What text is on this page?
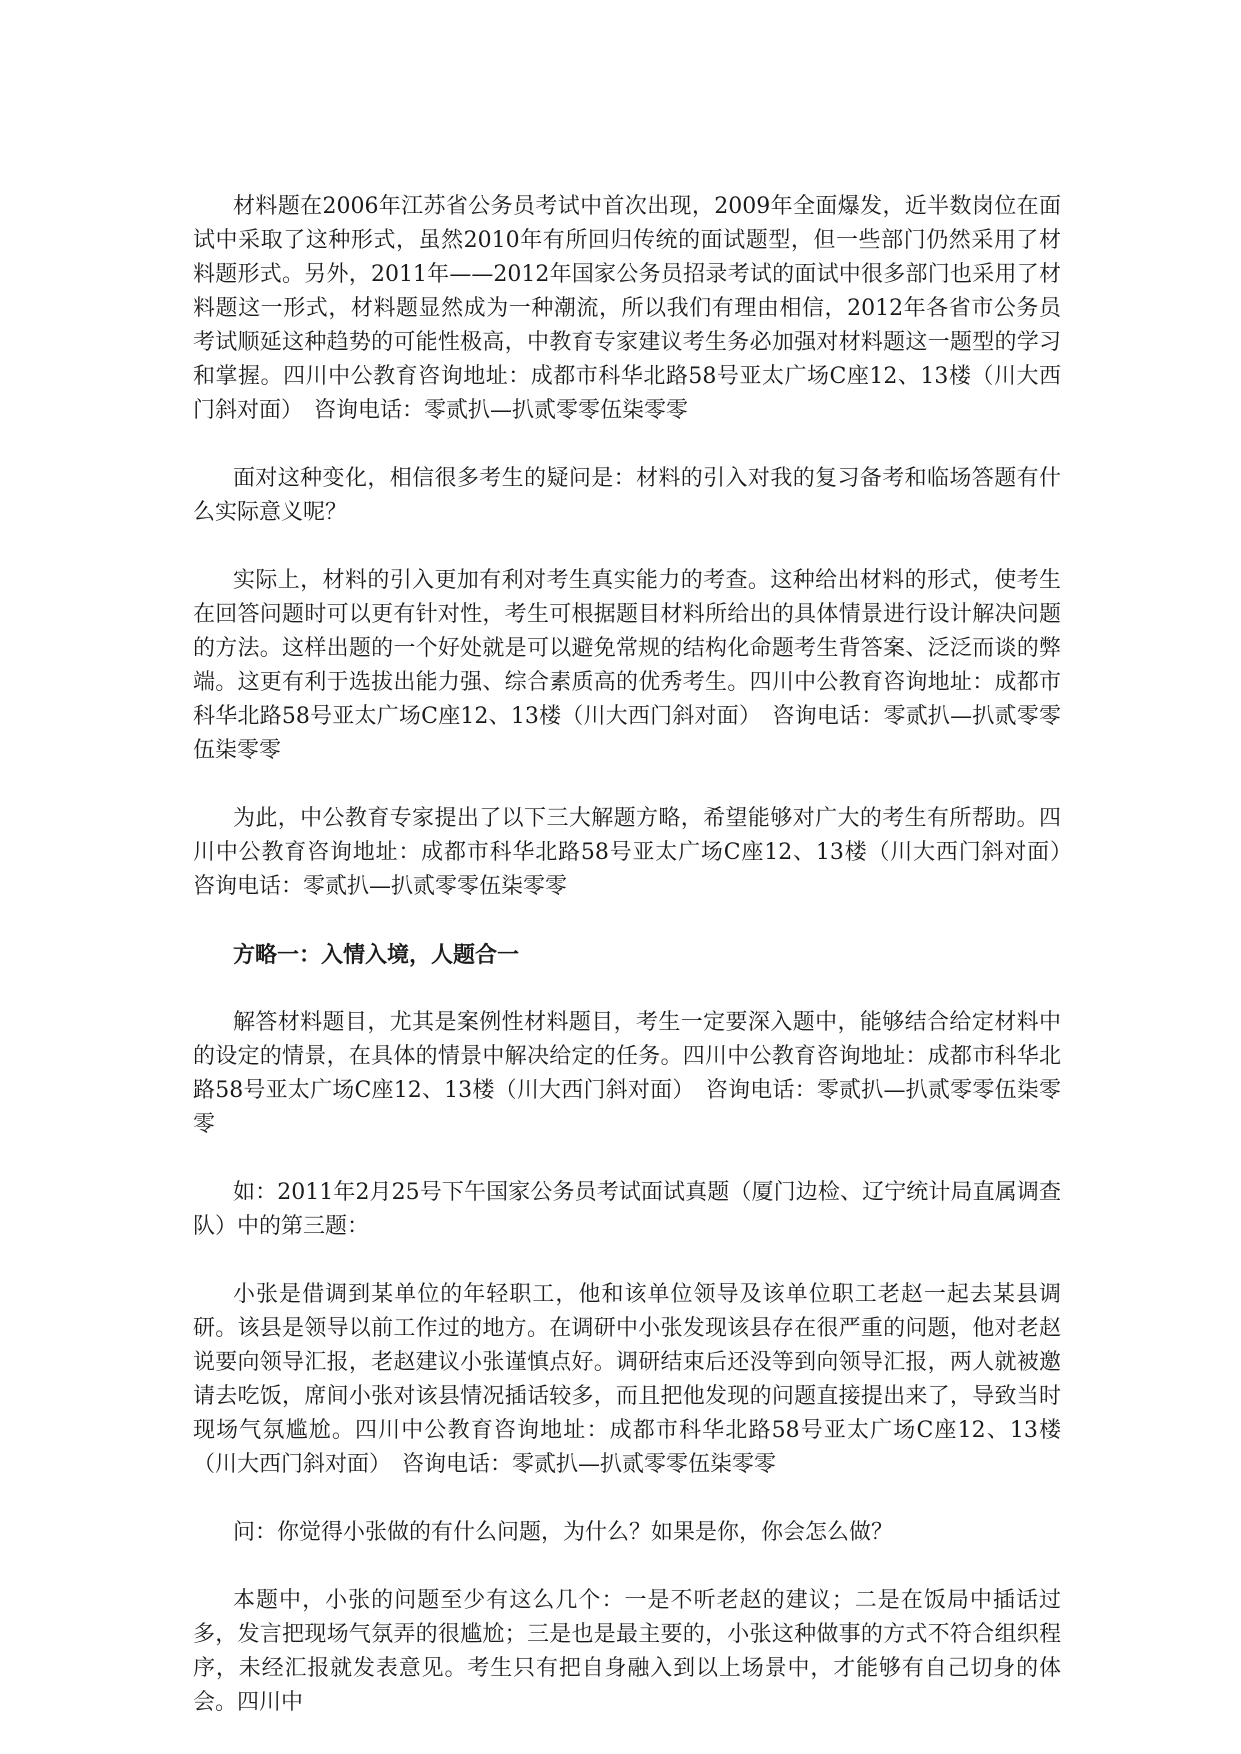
材料题在2006年江苏省公务员考试中首次出现，2009年全面爆发，近半数岗位在面试中采取了这种形式，虽然2010年有所回归传统的面试题型，但一些部门仍然采用了材料题形式。另外，2011年——2012年国家公务员招录考试的面试中很多部门也采用了材料题这一形式，材料题显然成为一种潮流，所以我们有理由相信，2012年各省市公务员考试顺延这种趋势的可能性极高，中教育专家建议考生务必加强对材料题这一题型的学习和掌握。四川中公教育咨询地址：成都市科华北路58号亚太广场C座12、13楼（川大西门斜对面）　咨询电话：零贰扒—扒贰零零伍柒零零

面对这种变化，相信很多考生的疑问是：材料的引入对我的复习备考和临场答题有什么实际意义呢？

实际上，材料的引入更加有利对考生真实能力的考查。这种给出材料的形式，使考生在回答问题时可以更有针对性，考生可根据题目材料所给出的具体情景进行设计解决问题的方法。这样出题的一个好处就是可以避免常规的结构化命题考生背答案、泛泛而谈的弊端。这更有利于选拔出能力强、综合素质高的优秀考生。四川中公教育咨询地址：成都市科华北路58号亚太广场C座12、13楼（川大西门斜对面）　咨询电话：零贰扒—扒贰零零伍柒零零

为此，中公教育专家提出了以下三大解题方略，希望能够对广大的考生有所帮助。四川中公教育咨询地址：成都市科华北路58号亚太广场C座12、13楼（川大西门斜对面）　咨询电话：零贰扒—扒贰零零伍柒零零

方略一：入情入境，人题合一

解答材料题目，尤其是案例性材料题目，考生一定要深入题中，能够结合给定材料中的设定的情景，在具体的情景中解决给定的任务。四川中公教育咨询地址：成都市科华北路58号亚太广场C座12、13楼（川大西门斜对面）　咨询电话：零贰扒—扒贰零零伍柒零零

如：2011年2月25号下午国家公务员考试面试真题（厦门边检、辽宁统计局直属调查队）中的第三题：

小张是借调到某单位的年轻职工，他和该单位领导及该单位职工老赵一起去某县调研。该县是领导以前工作过的地方。在调研中小张发现该县存在很严重的问题，他对老赵说要向领导汇报，老赵建议小张谨慎点好。调研结束后还没等到向领导汇报，两人就被邀请去吃饭，席间小张对该县情况插话较多，而且把他发现的问题直接提出来了，导致当时现场气氛尴尬。四川中公教育咨询地址：成都市科华北路58号亚太广场C座12、13楼（川大西门斜对面）　咨询电话：零贰扒—扒贰零零伍柒零零

问：你觉得小张做的有什么问题，为什么？如果是你，你会怎么做？

本题中，小张的问题至少有这么几个：一是不听老赵的建议；二是在饭局中插话过多，发言把现场气氛弄的很尴尬；三是也是最主要的，小张这种做事的方式不符合组织程序，未经汇报就发表意见。考生只有把自身融入到以上场景中，才能够有自己切身的体会。四川中
